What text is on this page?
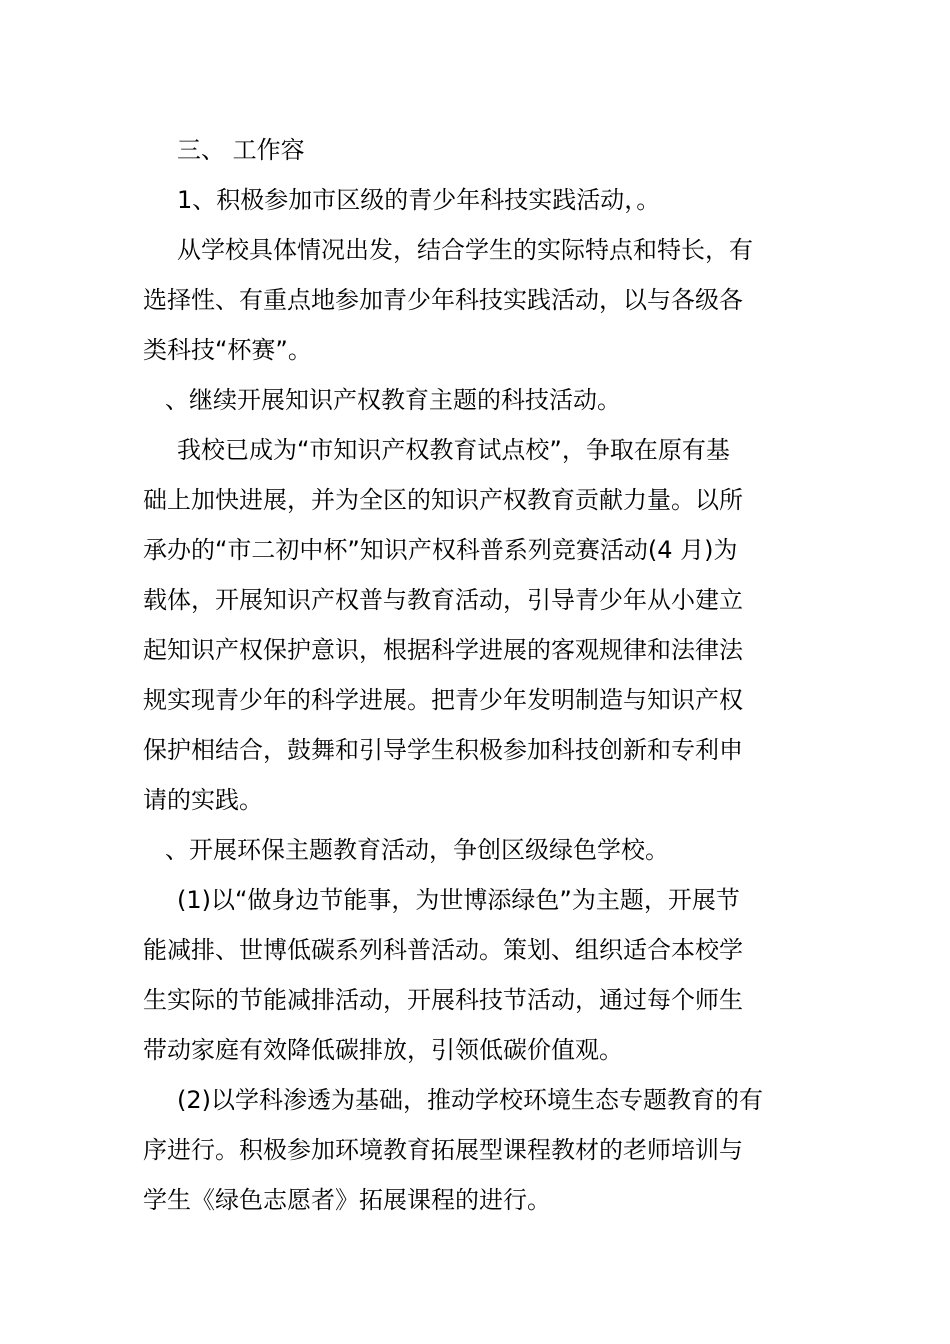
三、 工作容
1、积极参加市区级的青少年科技实践活动，。
从学校具体情况出发，结合学生的实际特点和特长，有
选择性、有重点地参加青少年科技实践活动，以与各级各
类科技“杯赛”。
、继续开展知识产权教育主题的科技活动。
我校已成为“市知识产权教育试点校”，争取在原有基
础上加快进展，并为全区的知识产权教育贡献力量。以所
承办的“市二初中杯”知识产权科普系列竞赛活动(4 月)为
载体，开展知识产权普与教育活动，引导青少年从小建立
起知识产权保护意识，根据科学进展的客观规律和法律法
规实现青少年的科学进展。把青少年发明制造与知识产权
保护相结合，鼓舞和引导学生积极参加科技创新和专利申
请的实践。
、开展环保主题教育活动，争创区级绿色学校。
(1)以“做身边节能事，为世博添绿色”为主题，开展节
能减排、世博低碳系列科普活动。策划、组织适合本校学
生实际的节能减排活动，开展科技节活动，通过每个师生
带动家庭有效降低碳排放，引领低碳价值观。
(2)以学科渗透为基础，推动学校环境生态专题教育的有
序进行。积极参加环境教育拓展型课程教材的老师培训与
学生《绿色志愿者》拓展课程的进行。
